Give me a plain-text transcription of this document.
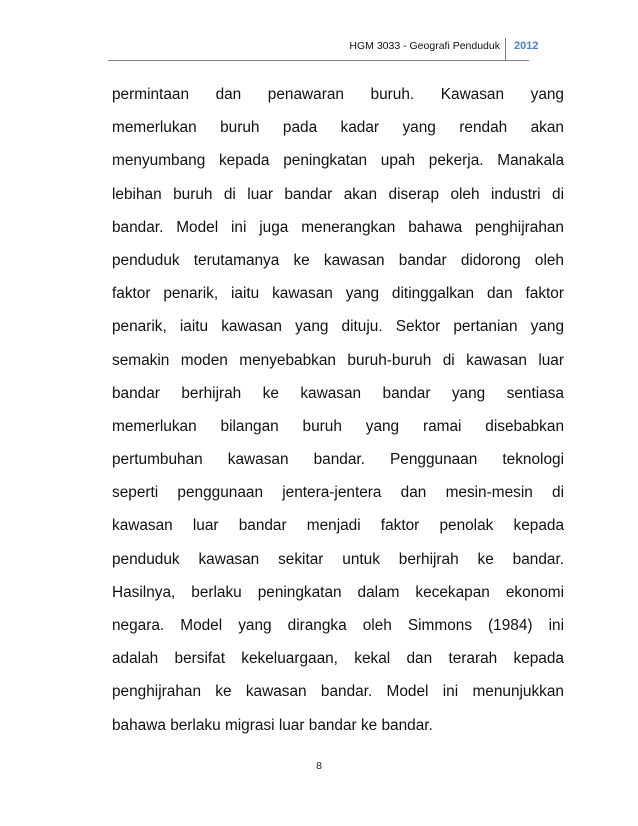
HGM 3033 - Geografi Penduduk 2012
permintaan dan penawaran buruh. Kawasan yang
memerlukan buruh pada kadar yang rendah akan
menyumbang kepada peningkatan upah pekerja. Manakala
lebihan buruh di luar bandar akan diserap oleh industri di
bandar. Model ini juga menerangkan bahawa penghijrahan
penduduk terutamanya ke kawasan bandar didorong oleh
faktor penarik, iaitu kawasan yang ditinggalkan dan faktor
penarik, iaitu kawasan yang dituju. Sektor pertanian yang
semakin moden menyebabkan buruh-buruh di kawasan luar
bandar berhijrah ke kawasan bandar yang sentiasa
memerlukan bilangan buruh yang ramai disebabkan
pertumbuhan kawasan bandar. Penggunaan teknologi
seperti penggunaan jentera-jentera dan mesin-mesin di
kawasan luar bandar menjadi faktor penolak kepada
penduduk kawasan sekitar untuk berhijrah ke bandar.
Hasilnya, berlaku peningkatan dalam kecekapan ekonomi
negara. Model yang dirangka oleh Simmons (1984) ini
adalah bersifat kekeluargaan, kekal dan terarah kepada
penghijrahan ke kawasan bandar. Model ini menunjukkan
bahawa berlaku migrasi luar bandar ke bandar.
8
